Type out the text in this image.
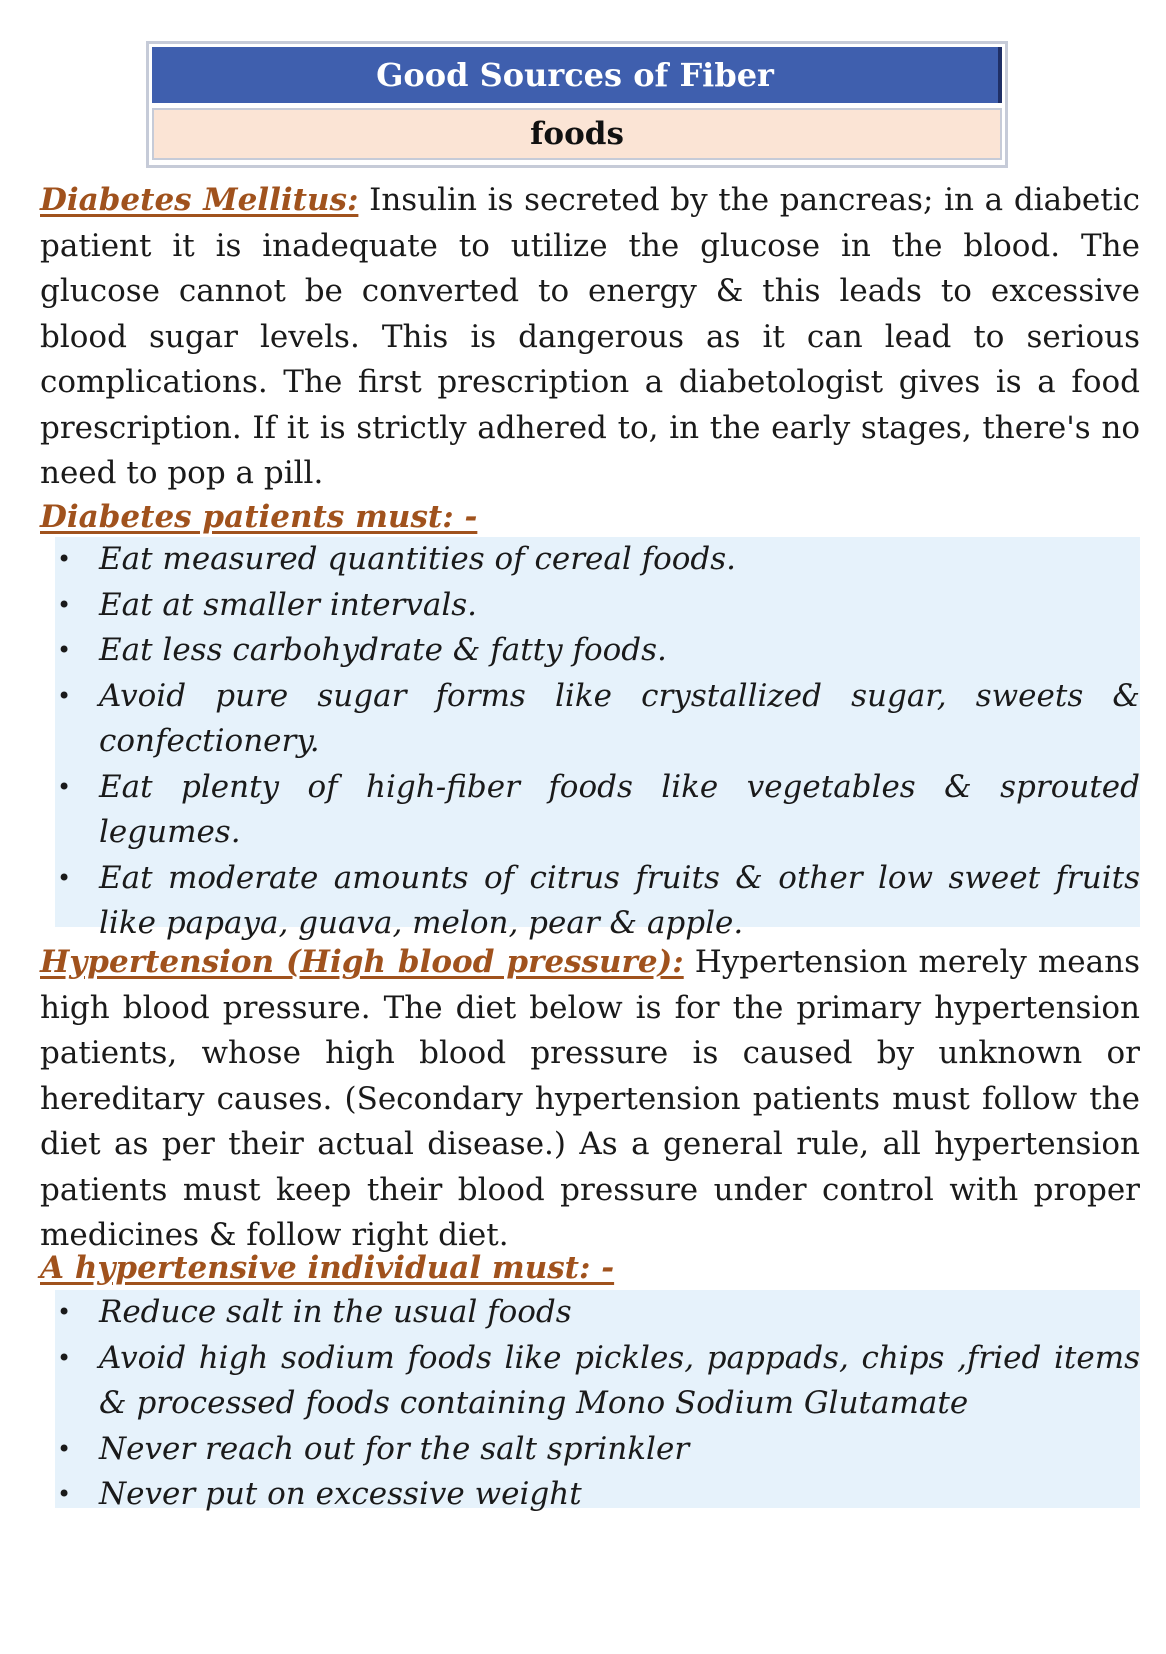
Good Sources of Fiber
foods
Diabetes Mellitus: Insulin is secreted by the pancreas; in a diabetic patient it is inadequate to utilize the glucose in the blood. The glucose cannot be converted to energy & this leads to excessive blood sugar levels. This is dangerous as it can lead to serious complications. The first prescription a diabetologist gives is a food prescription. If it is strictly adhered to, in the early stages, there's no need to pop a pill.
Diabetes patients must: -
• Eat measured quantities of cereal foods.
• Eat at smaller intervals.
• Eat less carbohydrate & fatty foods.
• Avoid pure sugar forms like crystallized sugar, sweets & confectionery.
• Eat plenty of high-fiber foods like vegetables & sprouted legumes.
• Eat moderate amounts of citrus fruits & other low sweet fruits like papaya, guava, melon, pear & apple.
Hypertension (High blood pressure): Hypertension merely means high blood pressure. The diet below is for the primary hypertension patients, whose high blood pressure is caused by unknown or hereditary causes. (Secondary hypertension patients must follow the diet as per their actual disease.) As a general rule, all hypertension patients must keep their blood pressure under control with proper medicines & follow right diet.
A hypertensive individual must: -
• Reduce salt in the usual foods
• Avoid high sodium foods like pickles, pappads, chips ,fried items & processed foods containing Mono Sodium Glutamate
• Never reach out for the salt sprinkler
• Never put on excessive weight
